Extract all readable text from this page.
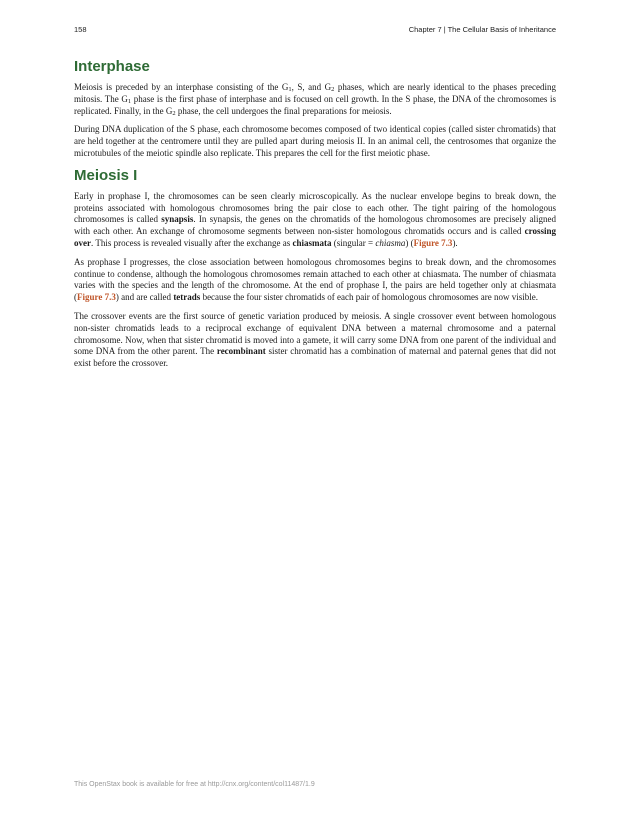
158	Chapter 7 | The Cellular Basis of Inheritance
Interphase

Meiosis is preceded by an interphase consisting of the $G_1$, S, and $G_2$ phases, which are nearly identical to the phases preceding mitosis. The $G_1$ phase is the first phase of interphase and is focused on cell growth. In the S phase, the DNA of the chromosomes is replicated. Finally, in the $G_2$ phase, the cell undergoes the final preparations for meiosis.

During DNA duplication of the S phase, each chromosome becomes composed of two identical copies (called sister chromatids) that are held together at the centromere until they are pulled apart during meiosis II. In an animal cell, the centrosomes that organize the microtubules of the meiotic spindle also replicate. This prepares the cell for the first meiotic phase.

Meiosis I

Early in prophase I, the chromosomes can be seen clearly microscopically. As the nuclear envelope begins to break down, the proteins associated with homologous chromosomes bring the pair close to each other. The tight pairing of the homologous chromosomes is called synapsis. In synapsis, the genes on the chromatids of the homologous chromosomes are precisely aligned with each other. An exchange of chromosome segments between non-sister homologous chromatids occurs and is called crossing over. This process is revealed visually after the exchange as chiasmata (singular = chiasma) (Figure 7.3).

As prophase I progresses, the close association between homologous chromosomes begins to break down, and the chromosomes continue to condense, although the homologous chromosomes remain attached to each other at chiasmata. The number of chiasmata varies with the species and the length of the chromosome. At the end of prophase I, the pairs are held together only at chiasmata (Figure 7.3) and are called tetrads because the four sister chromatids of each pair of homologous chromosomes are now visible.

The crossover events are the first source of genetic variation produced by meiosis. A single crossover event between homologous non-sister chromatids leads to a reciprocal exchange of equivalent DNA between a maternal chromosome and a paternal chromosome. Now, when that sister chromatid is moved into a gamete, it will carry some DNA from one parent of the individual and some DNA from the other parent. The recombinant sister chromatid has a combination of maternal and paternal genes that did not exist before the crossover.

This OpenStax book is available for free at http://cnx.org/content/col11487/1.9
